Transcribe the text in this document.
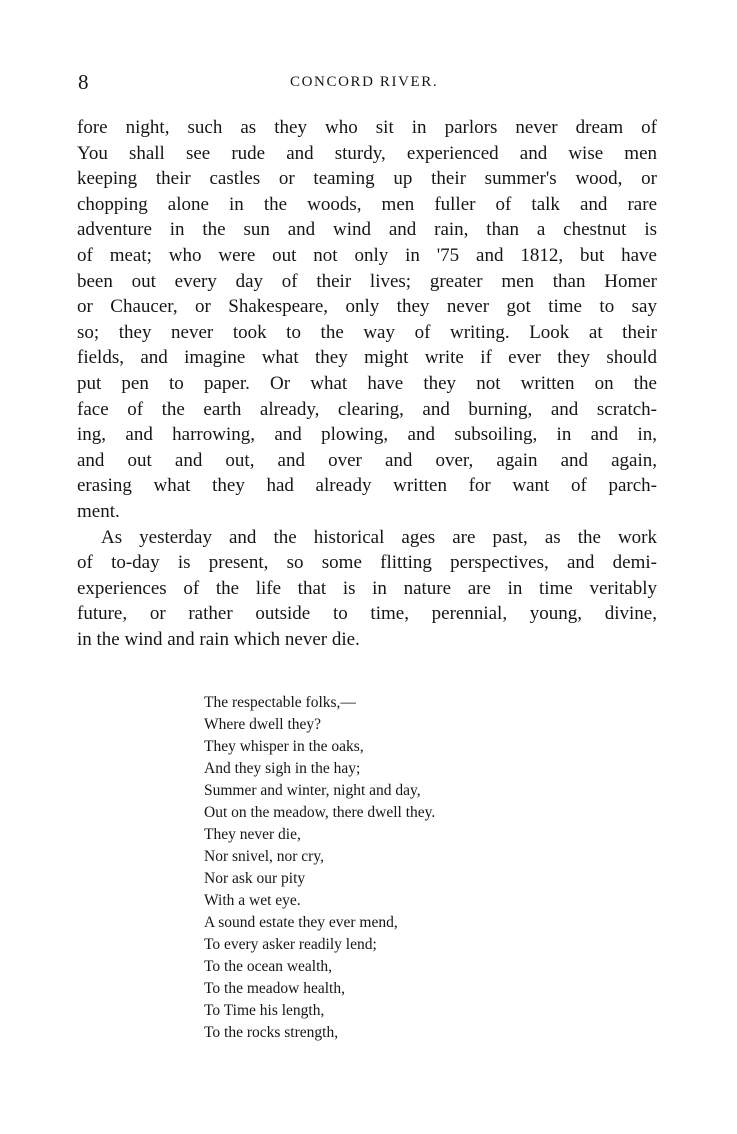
8	CONCORD RIVER.
fore night, such as they who sit in parlors never dream of
You shall see rude and sturdy, experienced and wise men
keeping their castles or teaming up their summer's wood, or
chopping alone in the woods, men fuller of talk and rare
adventure in the sun and wind and rain, than a chestnut is
of meat; who were out not only in '75 and 1812, but have
been out every day of their lives; greater men than Homer
or Chaucer, or Shakespeare, only they never got time to say
so; they never took to the way of writing. Look at their
fields, and imagine what they might write if ever they should
put pen to paper. Or what have they not written on the
face of the earth already, clearing, and burning, and scratch-
ing, and harrowing, and plowing, and subsoiling, in and in,
and out and out, and over and over, again and again,
erasing what they had already written for want of parch-
ment.
As yesterday and the historical ages are past, as the work
of to-day is present, so some flitting perspectives, and demi-
experiences of the life that is in nature are in time veritably
future, or rather outside to time, perennial, young, divine,
in the wind and rain which never die.
The respectable folks,—
Where dwell they?
They whisper in the oaks,
And they sigh in the hay;
Summer and winter, night and day,
Out on the meadow, there dwell they.
They never die,
Nor snivel, nor cry,
Nor ask our pity
With a wet eye.
A sound estate they ever mend,
To every asker readily lend;
To the ocean wealth,
To the meadow health,
To Time his length,
To the rocks strength,
